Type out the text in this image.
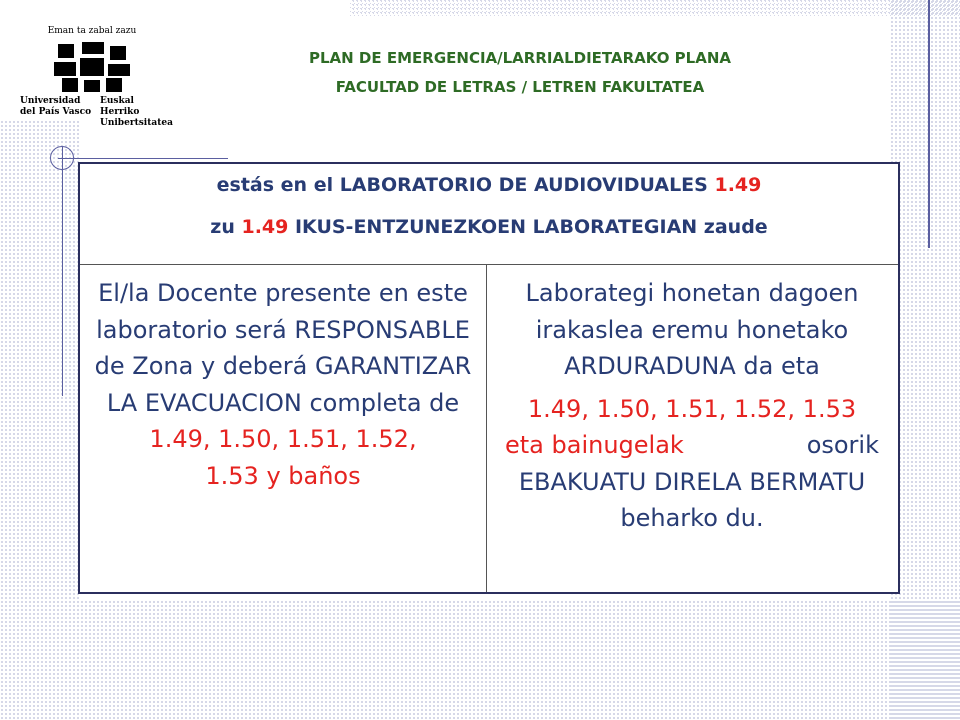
Eman ta zabal zazu
Universidad
del País Vasco
Euskal Herriko
Unibertsitatea
PLAN DE EMERGENCIA/LARRIALDIETARAKO PLANA
FACULTAD DE LETRAS / LETREN FAKULTATEA
estás en el LABORATORIO DE AUDIOVIDUALES 1.49
zu 1.49 IKUS-ENTZUNEZKOEN LABORATEGIAN zaude
El/la Docente presente en este laboratorio será RESPONSABLE de Zona y deberá GARANTIZAR LA EVACUACION completa de
1.49, 1.50, 1.51, 1.52,
1.53 y baños
Laborategi honetan dagoen irakaslea eremu honetako ARDURADUNA da eta
1.49, 1.50, 1.51, 1.52, 1.53
eta bainugelak	osorik
EBAKUATU DIRELA BERMATU beharko du.
